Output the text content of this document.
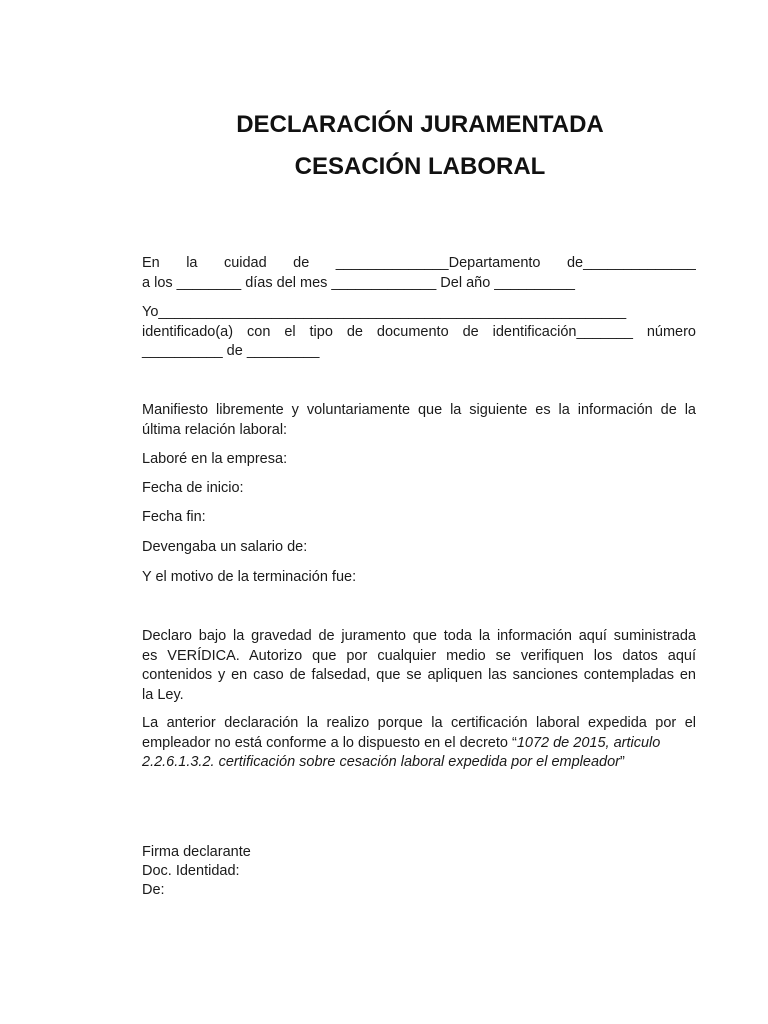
DECLARACIÓN JURAMENTADA
CESACIÓN LABORAL
En la cuidad de ______________Departamento de______________
a los ________ días del mes _____________ Del año __________
Yo__________________________________________________________
identificado(a) con el tipo de documento de identificación_______ número
__________ de _________
Manifiesto libremente y voluntariamente que la siguiente es la información de la
última relación laboral:
Laboré en la empresa:
Fecha de inicio:
Fecha fin:
Devengaba un salario de:
Y el motivo de la terminación fue:
Declaro bajo la gravedad de juramento que toda la información aquí suministrada
es VERÍDICA. Autorizo que por cualquier medio se verifiquen los datos aquí
contenidos y en caso de falsedad, que se apliquen las sanciones contempladas en
la Ley.
La anterior declaración la realizo porque la certificación laboral expedida por el
empleador no está conforme a lo dispuesto en el decreto “1072 de 2015, articulo
2.2.6.1.3.2. certificación sobre cesación laboral expedida por el empleador”
Firma declarante
Doc. Identidad:
De:
